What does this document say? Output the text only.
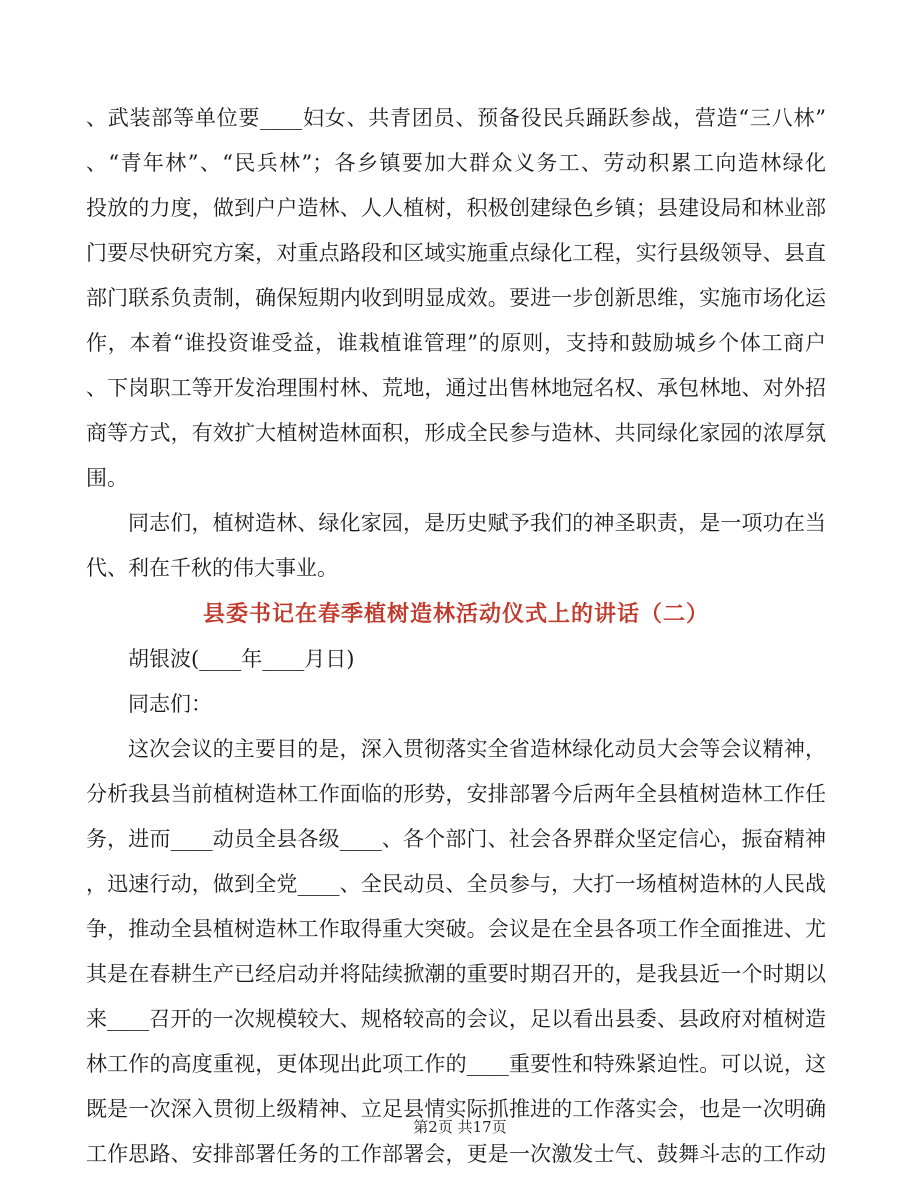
、武装部等单位要____妇女、共青团员、预备役民兵踊跃参战，营造“三八林”
、“青年林”、“民兵林”；各乡镇要加大群众义务工、劳动积累工向造林绿化
投放的力度，做到户户造林、人人植树，积极创建绿色乡镇；县建设局和林业部
门要尽快研究方案，对重点路段和区域实施重点绿化工程，实行县级领导、县直
部门联系负责制，确保短期内收到明显成效。要进一步创新思维，实施市场化运
作，本着“谁投资谁受益，谁栽植谁管理”的原则，支持和鼓励城乡个体工商户
、下岗职工等开发治理围村林、荒地，通过出售林地冠名权、承包林地、对外招
商等方式，有效扩大植树造林面积，形成全民参与造林、共同绿化家园的浓厚氛
围。
同志们，植树造林、绿化家园，是历史赋予我们的神圣职责，是一项功在当
代、利在千秋的伟大事业。
县委书记在春季植树造林活动仪式上的讲话（二）
胡银波(____年____月日)
同志们：
这次会议的主要目的是，深入贯彻落实全省造林绿化动员大会等会议精神，
分析我县当前植树造林工作面临的形势，安排部署今后两年全县植树造林工作任
务，进而____动员全县各级____、各个部门、社会各界群众坚定信心，振奋精神
，迅速行动，做到全党____、全民动员、全员参与，大打一场植树造林的人民战
争，推动全县植树造林工作取得重大突破。会议是在全县各项工作全面推进、尤
其是在春耕生产已经启动并将陆续掀潮的重要时期召开的，是我县近一个时期以
来____召开的一次规模较大、规格较高的会议，足以看出县委、县政府对植树造
林工作的高度重视，更体现出此项工作的____重要性和特殊紧迫性。可以说，这
既是一次深入贯彻上级精神、立足县情实际抓推进的工作落实会，也是一次明确
工作思路、安排部署任务的工作部署会，更是一次激发士气、鼓舞斗志的工作动
第2页 共17页
